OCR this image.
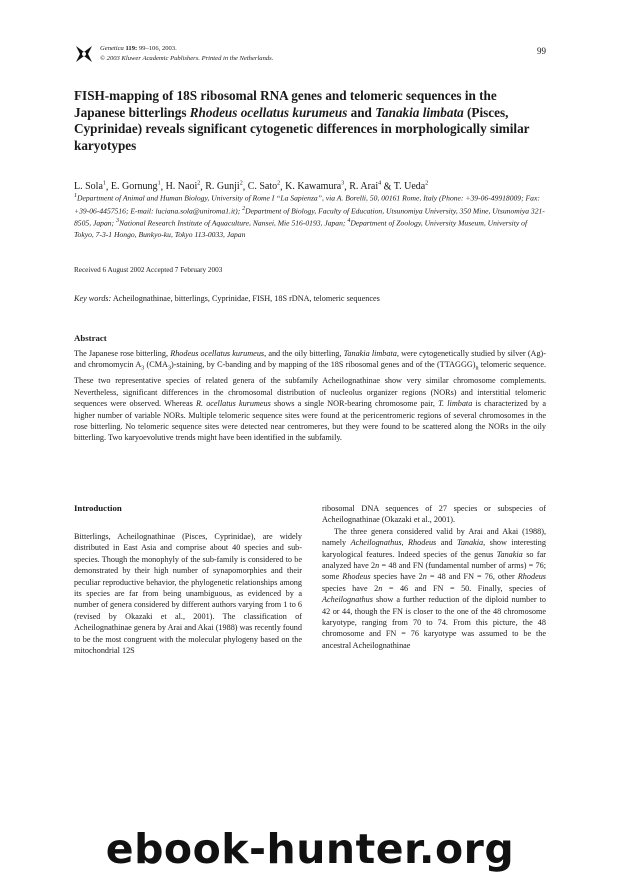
Genetica 119: 99–106, 2003.
© 2003 Kluwer Academic Publishers. Printed in the Netherlands.
99
FISH-mapping of 18S ribosomal RNA genes and telomeric sequences in the Japanese bitterlings Rhodeus ocellatus kurumeus and Tanakia limbata (Pisces, Cyprinidae) reveals significant cytogenetic differences in morphologically similar karyotypes
L. Sola$^1$, E. Gornung$^1$, H. Naoi$^2$, R. Gunji$^2$, C. Sato$^2$, K. Kawamura$^3$, R. Arai$^4$ & T. Ueda$^2$
$^1$Department of Animal and Human Biology, University of Rome I “La Sapienza”, via A. Borelli, 50, 00161 Rome, Italy (Phone: +39-06-49918009; Fax: +39-06-4457516; E-mail: luciana.sola@uniroma1.it); $^2$Department of Biology, Faculty of Education, Utsunomiya University, 350 Mine, Utsunomiya 321-8505, Japan; $^3$National Research Institute of Aquaculture, Nansei, Mie 516-0193, Japan; $^4$Department of Zoology, University Museum, University of Tokyo, 7-3-1 Hongo, Bunkyo-ku, Tokyo 113-0033, Japan
Received 6 August 2002 Accepted 7 February 2003
Key words: Acheilognathinae, bitterlings, Cyprinidae, FISH, 18S rDNA, telomeric sequences
Abstract

The Japanese rose bitterling, Rhodeus ocellatus kurumeus, and the oily bitterling, Tanakia limbata, were cytogenetically studied by silver (Ag)- and chromomycin $A_3$ $(CMA_3)$-staining, by C-banding and by mapping of the 18S ribosomal genes and of the $(TTAGGG)_n$ telomeric sequence. These two representative species of related genera of the subfamily Acheilognathinae show very similar chromosome complements. Nevertheless, significant differences in the chromosomal distribution of nucleolus organizer regions (NORs) and interstitial telomeric sequences were observed. Whereas R. ocellatus kurumeus shows a single NOR-bearing chromosome pair, T. limbata is characterized by a higher number of variable NORs. Multiple telomeric sequence sites were found at the pericentromeric regions of several chromosomes in the rose bitterling. No telomeric sequence sites were detected near centromeres, but they were found to be scattered along the NORs in the oily bitterling. Two karyoevolutive trends might have been identified in the subfamily.

Introduction

Bitterlings, Acheilognathinae (Pisces, Cyprinidae), are widely distributed in East Asia and comprise about 40 species and sub-species. Though the monophyly of the sub-family is considered to be demonstrated by their high number of synapomorphies and their peculiar reproductive behavior, the phylogenetic relationships among its species are far from being unambiguous, as evidenced by a number of genera considered by different authors varying from 1 to 6 (revised by Okazaki et al., 2001). The classification of Acheilognathinae genera by Arai and Akai (1988) was recently found to be the most congruent with the molecular phylogeny based on the mitochondrial 12S

ribosomal DNA sequences of 27 species or subspecies of Acheilognathinae (Okazaki et al., 2001).

The three genera considered valid by Arai and Akai (1988), namely Acheilognathus, Rhodeus and Tanakia, show interesting karyological features. Indeed species of the genus Tanakia so far analyzed have 2n = 48 and FN (fundamental number of arms) = 76; some Rhodeus species have 2n = 48 and FN = 76, other Rhodeus species have 2n = 46 and FN = 50. Finally, species of Acheilognathus show a further reduction of the diploid number to 42 or 44, though the FN is closer to the one of the 48 chromosome karyotype, ranging from 70 to 74. From this picture, the 48 chromosome and FN = 76 karyotype was assumed to be the ancestral Acheilognathinae

ebook-hunter.org
